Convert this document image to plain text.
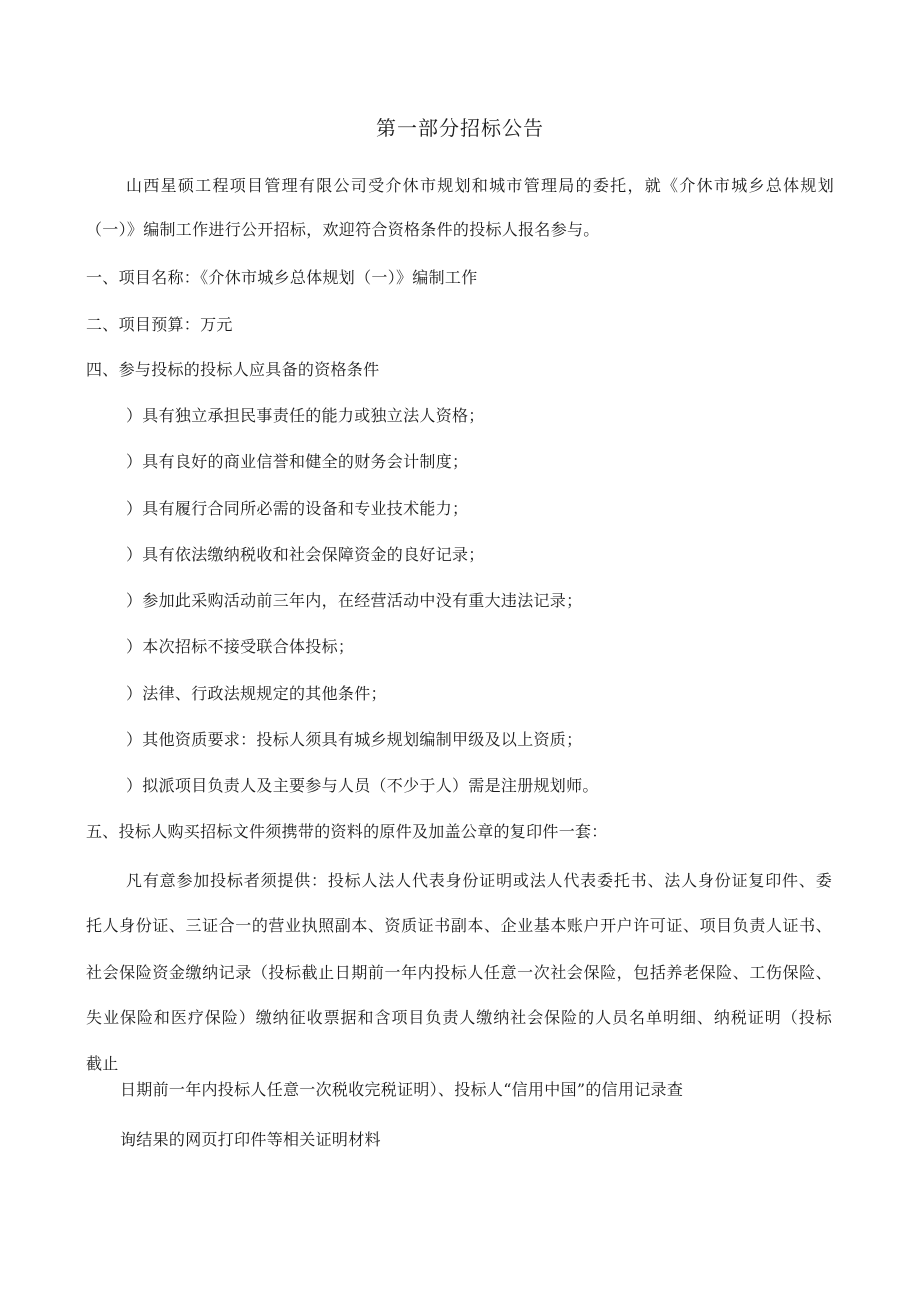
第一部分招标公告
山西星硕工程项目管理有限公司受介休市规划和城市管理局的委托，就《介休市城乡总体规划
（一）》编制工作进行公开招标，欢迎符合资格条件的投标人报名参与。
一、项目名称：《介休市城乡总体规划（一）》编制工作
二、项目预算：万元
四、参与投标的投标人应具备的资格条件
）具有独立承担民事责任的能力或独立法人资格；
）具有良好的商业信誉和健全的财务会计制度；
）具有履行合同所必需的设备和专业技术能力；
）具有依法缴纳税收和社会保障资金的良好记录；
）参加此采购活动前三年内，在经营活动中没有重大违法记录；
）本次招标不接受联合体投标；
）法律、行政法规规定的其他条件；
）其他资质要求：投标人须具有城乡规划编制甲级及以上资质；
）拟派项目负责人及主要参与人员（不少于人）需是注册规划师。
五、投标人购买招标文件须携带的资料的原件及加盖公章的复印件一套：
凡有意参加投标者须提供：投标人法人代表身份证明或法人代表委托书、法人身份证复印件、委
托人身份证、三证合一的营业执照副本、资质证书副本、企业基本账户开户许可证、项目负责人证书、
社会保险资金缴纳记录（投标截止日期前一年内投标人任意一次社会保险，包括养老保险、工伤保险、
失业保险和医疗保险）缴纳征收票据和含项目负责人缴纳社会保险的人员名单明细、纳税证明（投标
截止
日期前一年内投标人任意一次税收完税证明）、投标人“信用中国”的信用记录查
询结果的网页打印件等相关证明材料
